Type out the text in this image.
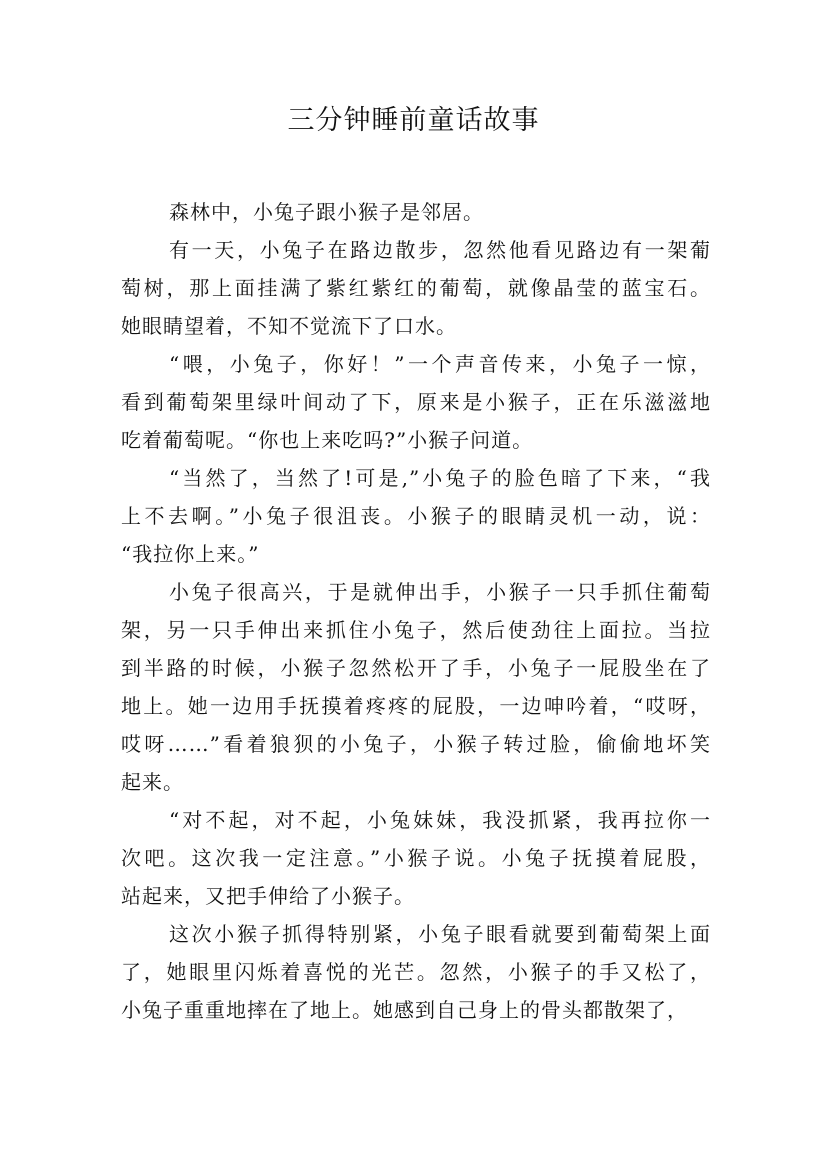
三分钟睡前童话故事
森林中，小兔子跟小猴子是邻居。
有一天，小兔子在路边散步，忽然他看见路边有一架葡
萄树，那上面挂满了紫红紫红的葡萄，就像晶莹的蓝宝石。
她眼睛望着，不知不觉流下了口水。
“喂，小兔子，你好！”一个声音传来，小兔子一惊，
看到葡萄架里绿叶间动了下，原来是小猴子，正在乐滋滋地
吃着葡萄呢。“你也上来吃吗?”小猴子问道。
“当然了，当然了!可是,”小兔子的脸色暗了下来，“我
上不去啊。”小兔子很沮丧。小猴子的眼睛灵机一动，说：
“我拉你上来。”
小兔子很高兴，于是就伸出手，小猴子一只手抓住葡萄
架，另一只手伸出来抓住小兔子，然后使劲往上面拉。当拉
到半路的时候，小猴子忽然松开了手，小兔子一屁股坐在了
地上。她一边用手抚摸着疼疼的屁股，一边呻吟着，“哎呀，
哎呀……”看着狼狈的小兔子，小猴子转过脸，偷偷地坏笑
起来。
“对不起，对不起，小兔妹妹，我没抓紧，我再拉你一
次吧。这次我一定注意。”小猴子说。小兔子抚摸着屁股，
站起来，又把手伸给了小猴子。
这次小猴子抓得特别紧，小兔子眼看就要到葡萄架上面
了，她眼里闪烁着喜悦的光芒。忽然，小猴子的手又松了，
小兔子重重地摔在了地上。她感到自己身上的骨头都散架了，
